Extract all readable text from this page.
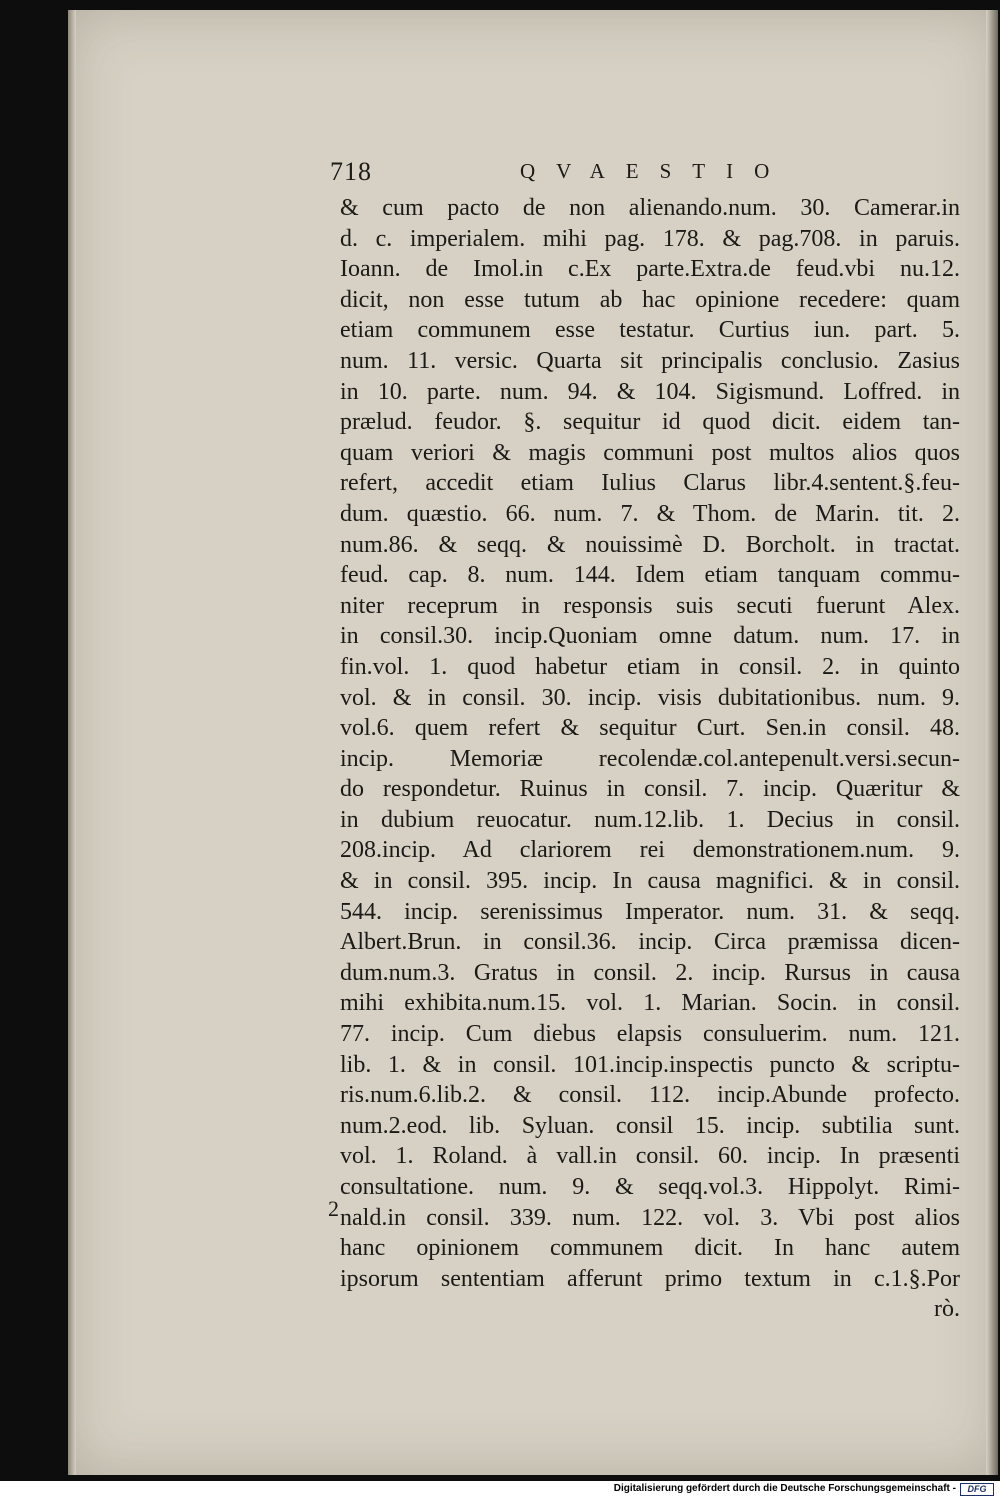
718	QVAESTIO
& cum pacto de non alienando.num. 30. Camerar.in
d. c. imperialem. mihi pag. 178. & pag.708. in paruis.
Ioann. de Imol.in c.Ex parte.Extra.de feud.vbi nu.12.
dicit, non esse tutum ab hac opinione recedere: quam
etiam communem esse testatur. Curtius iun. part. 5.
num. 11. versic. Quarta sit principalis conclusio. Zasius
in 10. parte. num. 94. & 104. Sigismund. Loffred. in
prælud. feudor. §. sequitur id quod dicit. eidem tan-
quam veriori & magis communi post multos alios quos
refert, accedit etiam Iulius Clarus libr.4.sentent.§.feu-
dum. quæstio. 66. num. 7. & Thom. de Marin. tit. 2.
num.86. & seqq. & nouissimè D. Borcholt. in tractat.
feud. cap. 8. num. 144. Idem etiam tanquam commu-
niter receprum in responsis suis secuti fuerunt Alex.
in consil.30. incip.Quoniam omne datum. num. 17. in
fin.vol. 1. quod habetur etiam in consil. 2. in quinto
vol. & in consil. 30. incip. visis dubitationibus. num. 9.
vol.6. quem refert & sequitur Curt. Sen.in consil. 48.
incip. Memoriæ recolendæ.col.antepenult.versi.secun-
do respondetur. Ruinus in consil. 7. incip. Quæritur &
in dubium reuocatur. num.12.lib. 1. Decius in consil.
208.incip. Ad clariorem rei demonstrationem.num. 9.
& in consil. 395. incip. In causa magnifici. & in consil.
544. incip. serenissimus Imperator. num. 31. & seqq.
Albert.Brun. in consil.36. incip. Circa præmissa dicen-
dum.num.3. Gratus in consil. 2. incip. Rursus in causa
mihi exhibita.num.15. vol. 1. Marian. Socin. in consil.
77. incip. Cum diebus elapsis consuluerim. num. 121.
lib. 1. & in consil. 101.incip.inspectis puncto & scriptu-
ris.num.6.lib.2. & consil. 112. incip.Abunde profecto.
num.2.eod. lib. Syluan. consil 15. incip. subtilia sunt.
vol. 1. Roland. à vall.in consil. 60. incip. In præsenti
consultatione. num. 9. & seqq.vol.3. Hippolyt. Rimi-
nald.in consil. 339. num. 122. vol. 3. Vbi post alios
hanc opinionem communem dicit. In hanc autem
ipsorum sententiam afferunt primo textum in c.1.§.Por
rò.
2
Digitalisierung gefördert durch die Deutsche Forschungsgemeinschaft -	DFG
